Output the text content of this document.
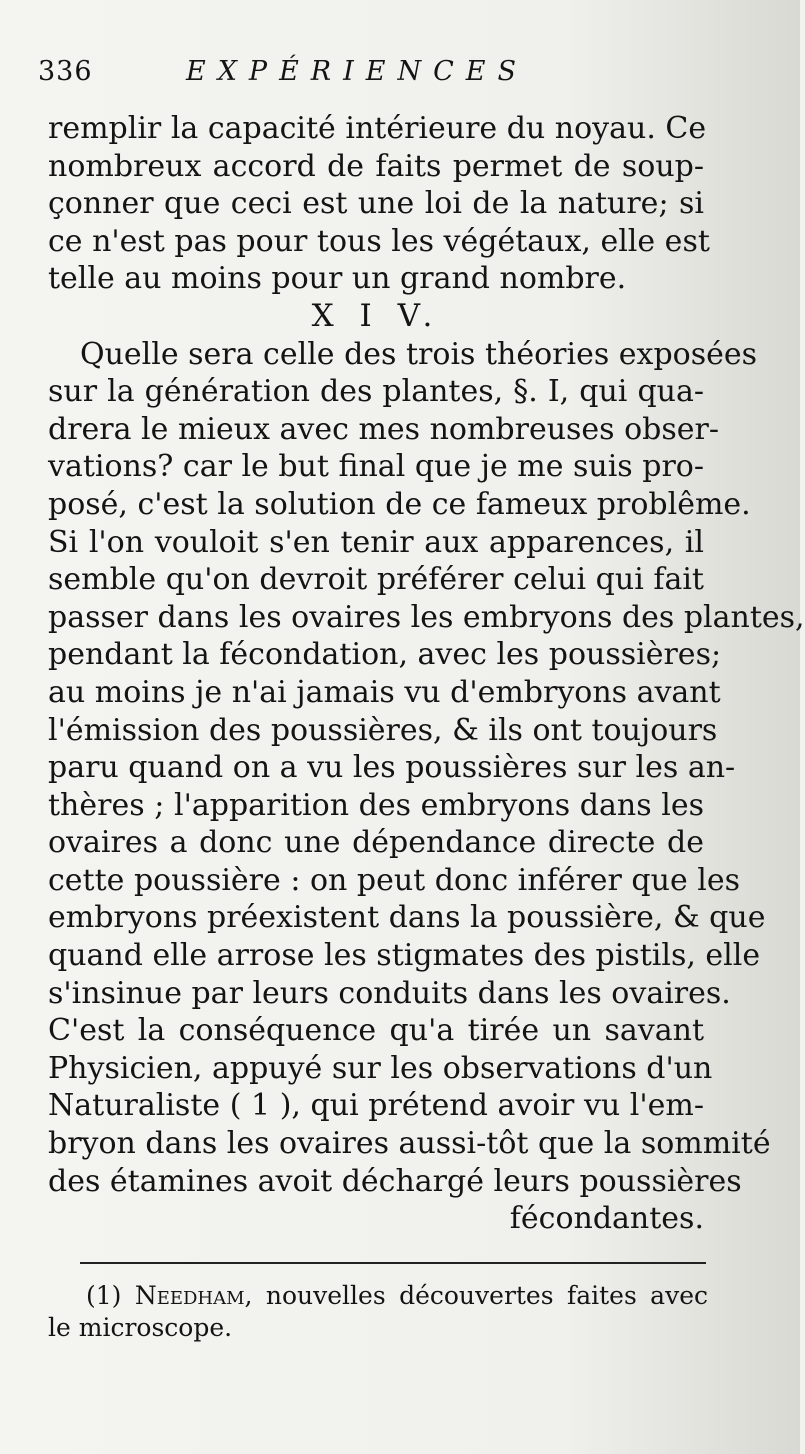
336	EXPÉRIENCES
remplir la capacité intérieure du noyau. Ce
nombreux accord de faits permet de soup-
çonner que ceci est une loi de la nature; si
ce n'est pas pour tous les végétaux, elle est
telle au moins pour un grand nombre.
X I V.
Quelle sera celle des trois théories exposées
sur la génération des plantes, §. I, qui qua-
drera le mieux avec mes nombreuses obser-
vations? car le but final que je me suis pro-
posé, c'est la solution de ce fameux problême.
Si l'on vouloit s'en tenir aux apparences, il
semble qu'on devroit préférer celui qui fait
passer dans les ovaires les embryons des plantes,
pendant la fécondation, avec les poussières;
au moins je n'ai jamais vu d'embryons avant
l'émission des poussières, & ils ont toujours
paru quand on a vu les poussières sur les an-
thères ; l'apparition des embryons dans les
ovaires a donc une dépendance directe de
cette poussière : on peut donc inférer que les
embryons préexistent dans la poussière, & que
quand elle arrose les stigmates des pistils, elle
s'insinue par leurs conduits dans les ovaires.
C'est la conséquence qu'a tirée un savant
Physicien, appuyé sur les observations d'un
Naturaliste ( 1 ), qui prétend avoir vu l'em-
bryon dans les ovaires aussi-tôt que la sommité
des étamines avoit déchargé leurs poussières
fécondantes.
(1) Needham, nouvelles découvertes faites avec
le microscope.
